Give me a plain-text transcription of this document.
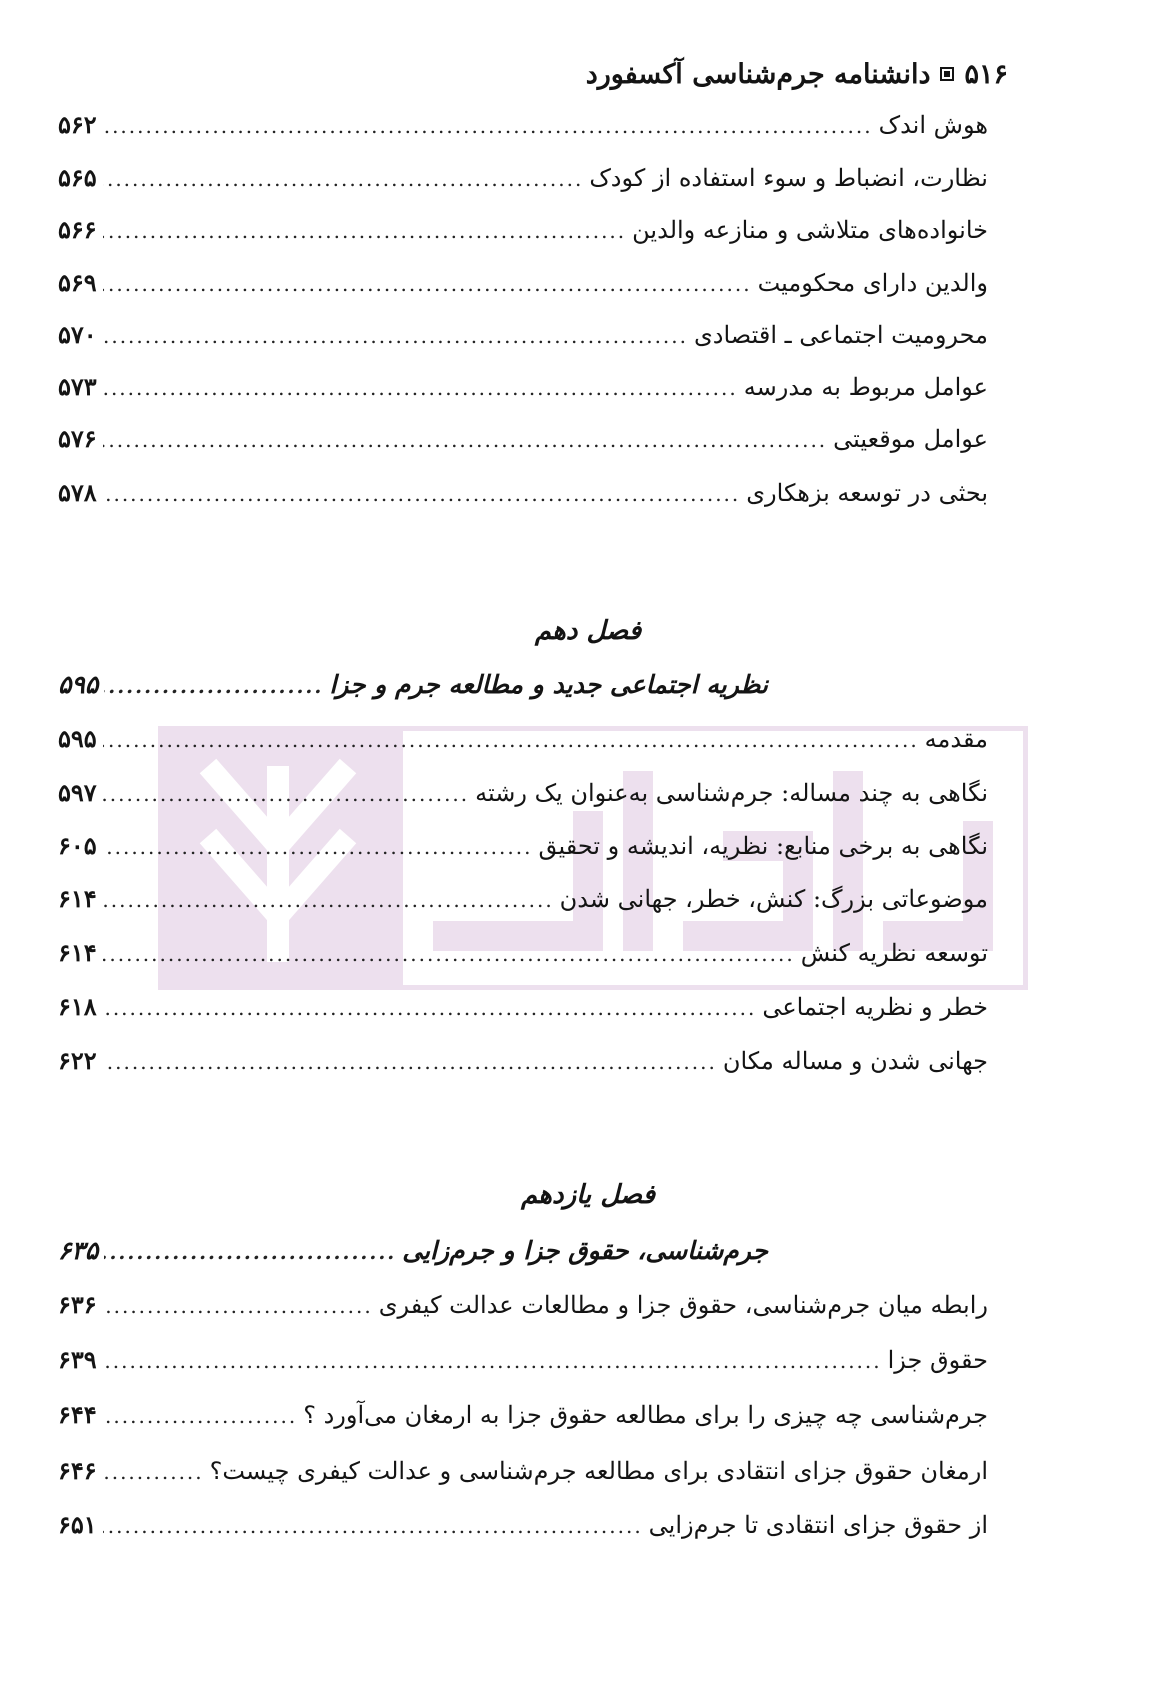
۵۱۶
دانشنامه جرم‌شناسی آکسفورد
هوش اندک
.....
۵۶۲
نظارت، انضباط و سوء استفاده از کودک
.....
۵۶۵
خانواده‌های متلاشی و منازعه والدین
.....
۵۶۶
والدین دارای محکومیت
.....
۵۶۹
محرومیت اجتماعی ـ اقتصادی
.....
۵۷۰
عوامل مربوط به مدرسه
.....
۵۷۳
عوامل موقعیتی
.....
۵۷۶
بحثی در توسعه بزهکاری
.....
۵۷۸
فصل دهم
نظریه اجتماعی جدید و مطالعه جرم و جزا
.....
۵۹۵
مقدمه
.....
۵۹۵
نگاهی به چند مساله: جرم‌شناسی به‌عنوان یک رشته
.....
۵۹۷
نگاهی به برخی منابع: نظریه، اندیشه و تحقیق
.....
۶۰۵
موضوعاتی بزرگ: کنش، خطر، جهانی شدن
.....
۶۱۴
توسعه نظریه کنش
.....
۶۱۴
خطر و نظریه اجتماعی
.....
۶۱۸
جهانی شدن و مساله مکان
.....
۶۲۲
فصل یازدهم
جرم‌شناسی، حقوق جزا و جرم‌زایی
.....
۶۳۵
رابطه میان جرم‌شناسی، حقوق جزا و مطالعات عدالت کیفری
.....
۶۳۶
حقوق جزا
.....
۶۳۹
جرم‌شناسی چه چیزی را برای مطالعه حقوق جزا به ارمغان می‌آورد ؟
.....
۶۴۴
ارمغان حقوق جزای انتقادی برای مطالعه جرم‌شناسی و عدالت کیفری چیست؟
.....
۶۴۶
از حقوق جزای انتقادی تا جرم‌زایی
.....
۶۵۱
